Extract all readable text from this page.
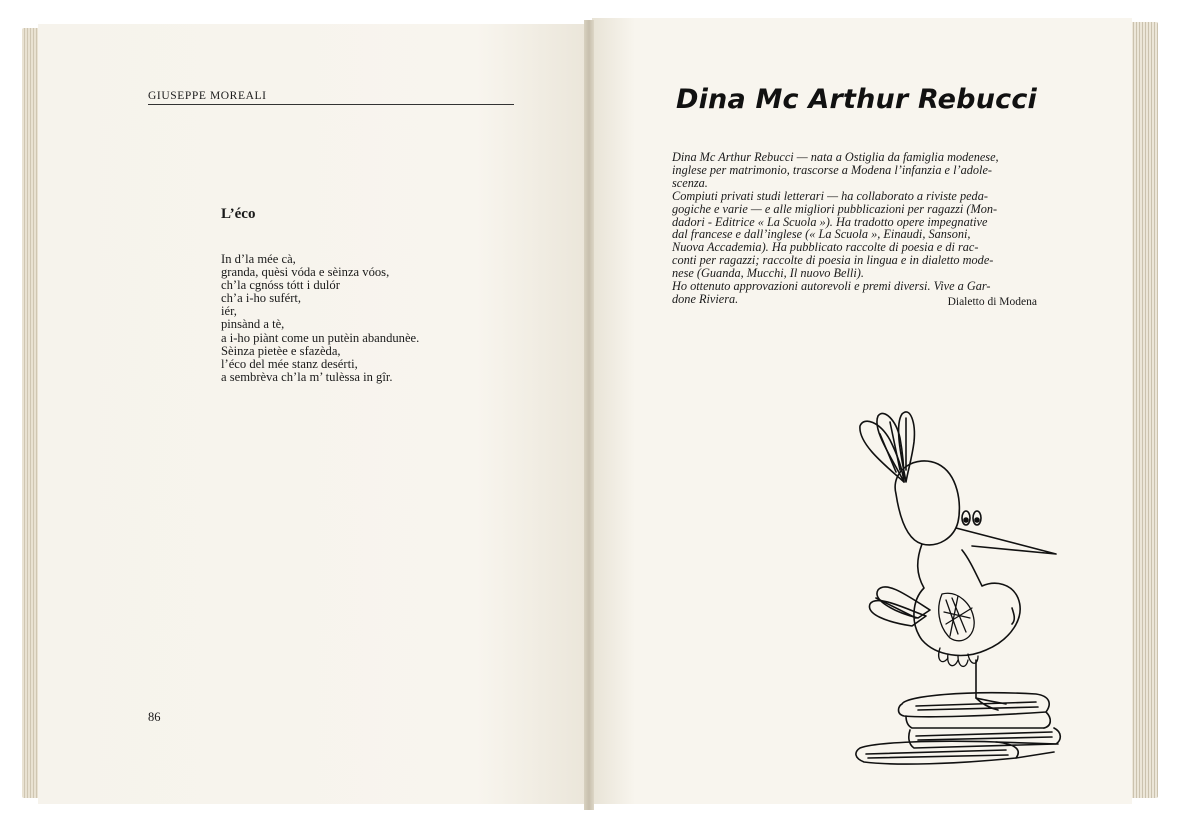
GIUSEPPE MOREALI
L’éco
In d’la mée cà,
granda, quèsi vóda e sèinza vóos,
ch’la cgnóss tótt i dulór
ch’a i-ho sufért,
iér,
pinsànd a tè,
a i-ho piànt come un putèin abandunèe.
Sèinza pietèe e sfazèda,
l’éco del mée stanz desérti,
a sembrèva ch’la m’ tulèssa in gîr.
86
Dina Mc Arthur Rebucci
Dina Mc Arthur Rebucci — nata a Ostiglia da famiglia modenese,
inglese per matrimonio, trascorse a Modena l’infanzia e l’adole-
scenza.
Compiuti privati studi letterari — ha collaborato a riviste peda-
gogiche e varie — e alle migliori pubblicazioni per ragazzi (Mon-
dadori - Editrice « La Scuola »). Ha tradotto opere impegnative
dal francese e dall’inglese (« La Scuola », Einaudi, Sansoni,
Nuova Accademia). Ha pubblicato raccolte di poesia e di rac-
conti per ragazzi; raccolte di poesia in lingua e in dialetto mode-
nese (Guanda, Mucchi, Il nuovo Belli).
Ho ottenuto approvazioni autorevoli e premi diversi. Vive a Gar-
done Riviera.	Dialetto di Modena
